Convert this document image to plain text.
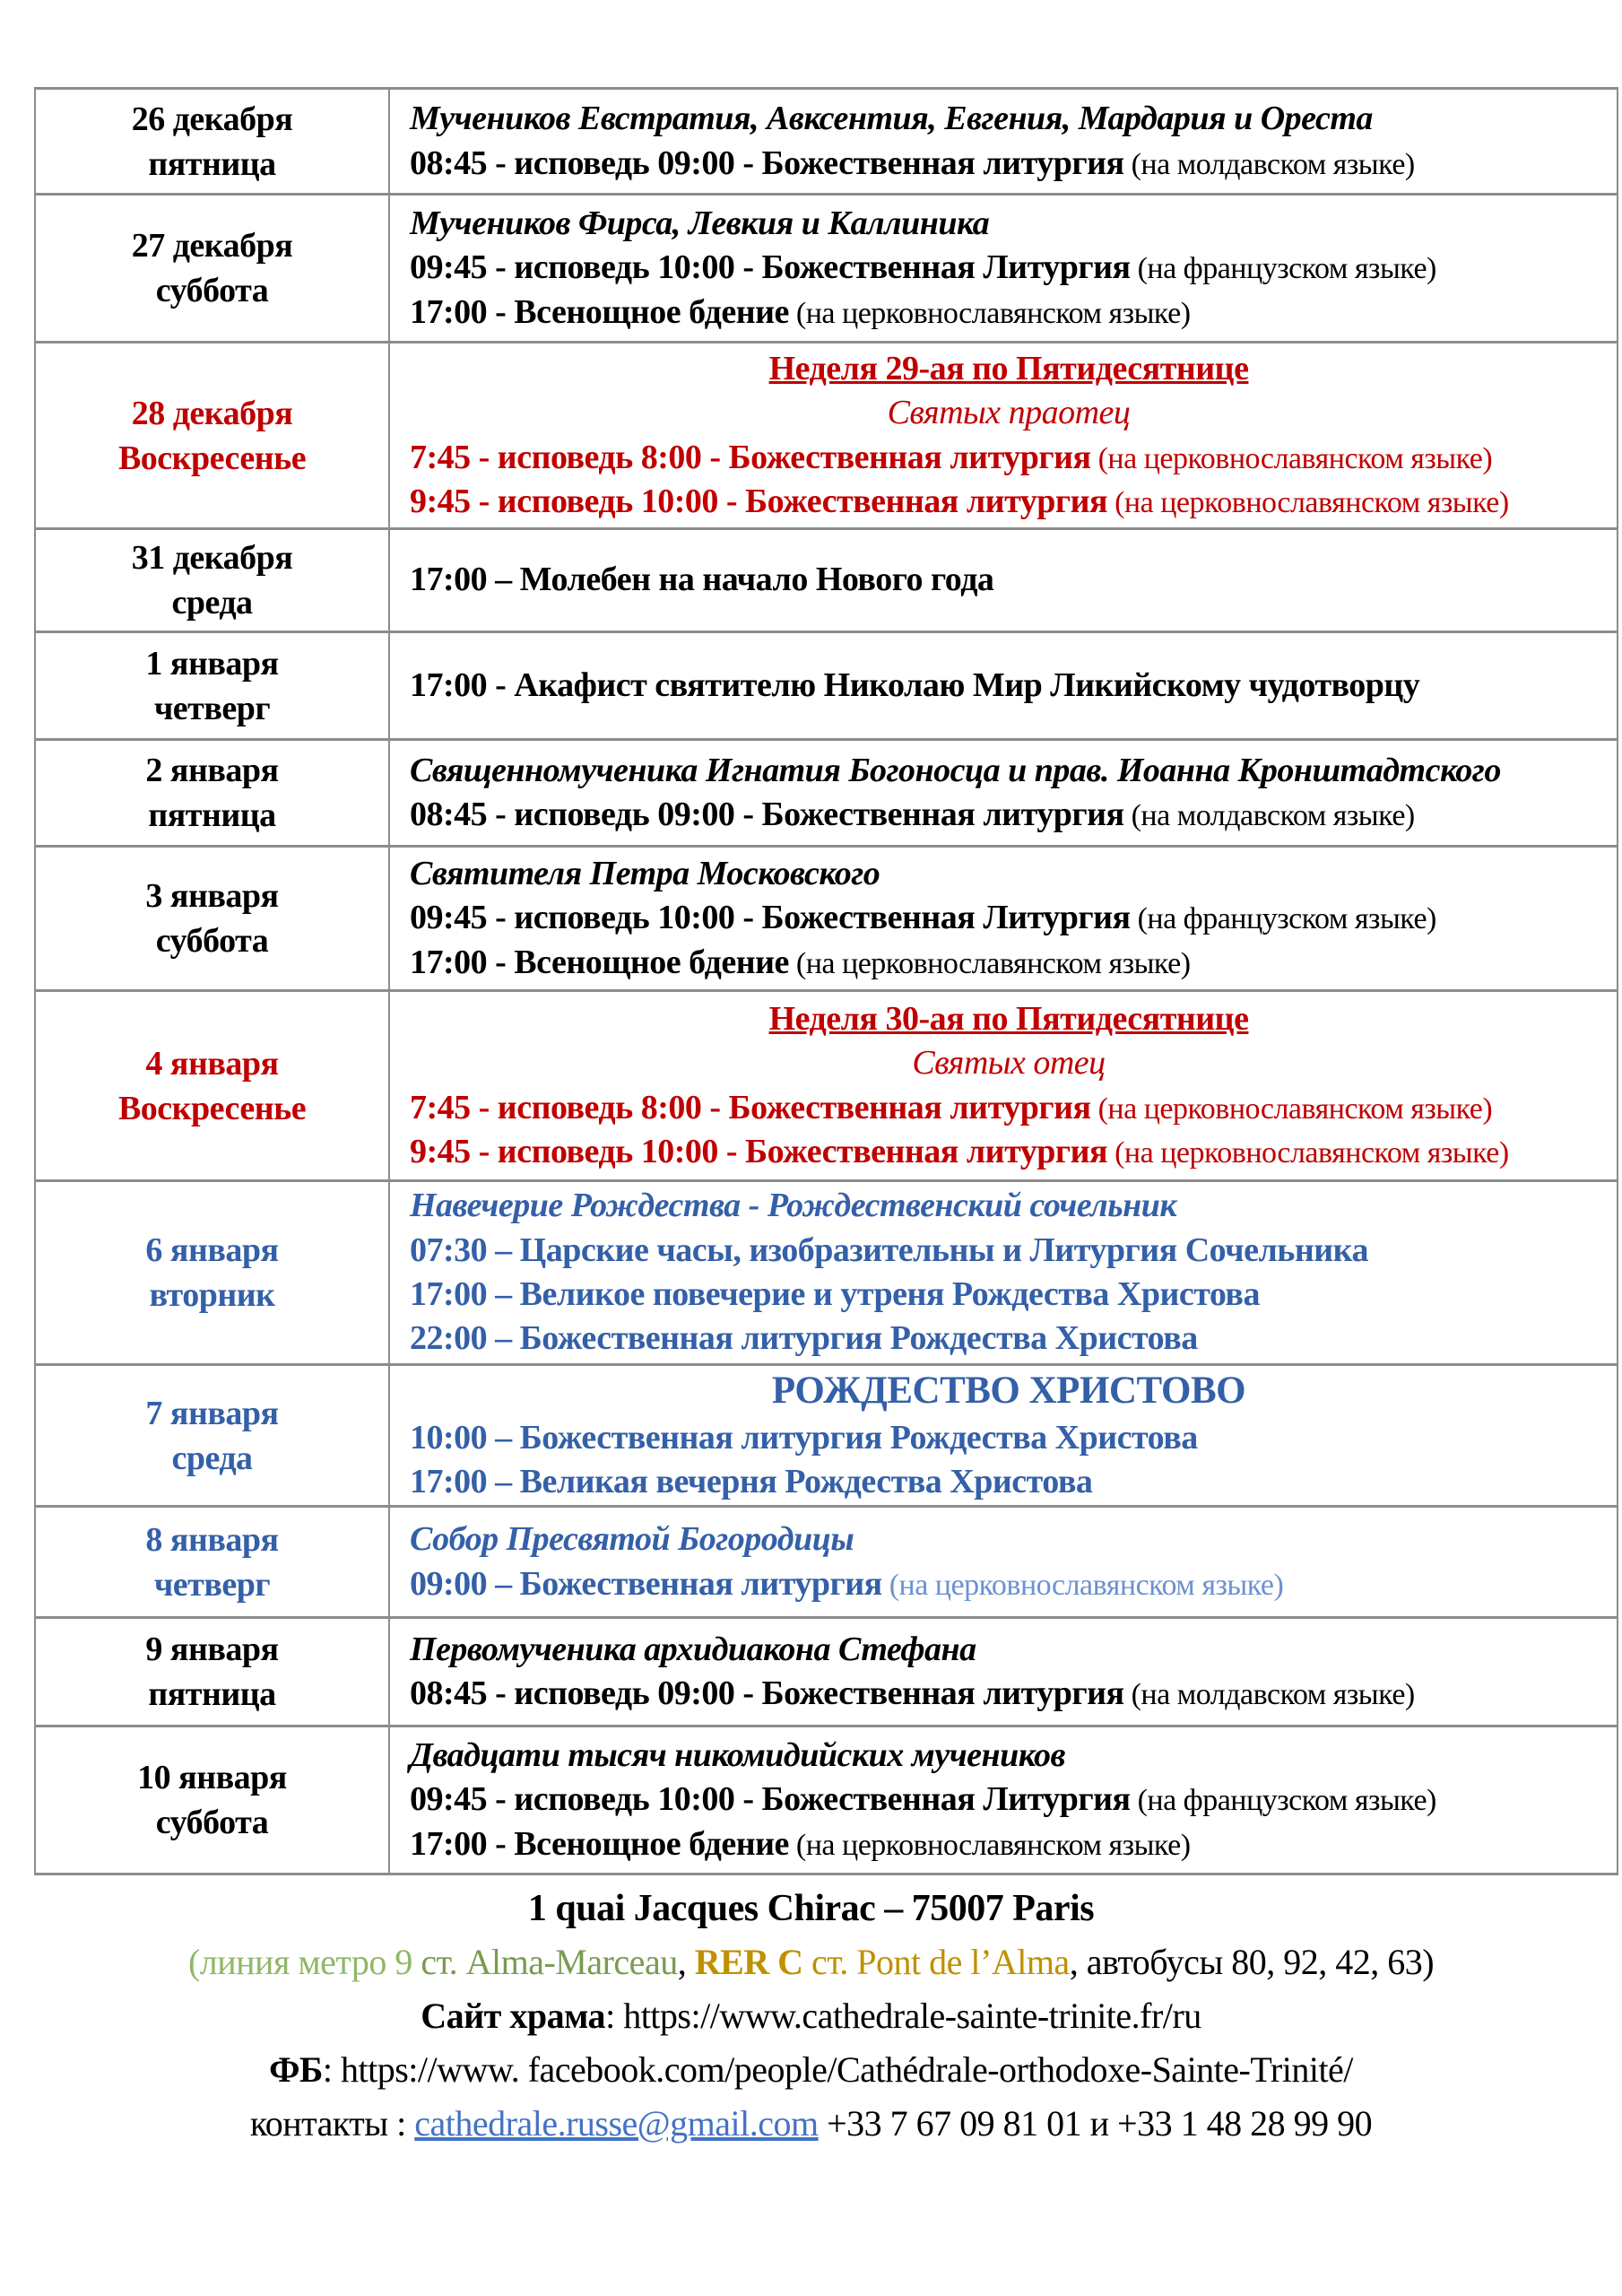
26 декабря
пятница
Мучеников Евстратия, Авксентия, Евгения, Мардария и Ореста
08:45 - исповедь 09:00 - Божественная литургия (на молдавском языке)
27 декабря
суббота
Мучеников Фирса, Левкия и Каллиника
09:45 - исповедь 10:00 - Божественная Литургия (на французском языке)
17:00 - Всенощное бдение (на церковнославянском языке)
28 декабря
Воскресенье
Неделя 29-ая по Пятидесятнице
Святых праотец
7:45 - исповедь 8:00 - Божественная литургия (на церковнославянском языке)
9:45 - исповедь 10:00 - Божественная литургия (на церковнославянском языке)
31 декабря
среда
17:00 – Молебен на начало Нового года
1 января
четверг
17:00 - Акафист святителю Николаю Мир Ликийскому чудотворцу
2 января
пятница
Священномученика Игнатия Богоносца и прав. Иоанна Кронштадтского
08:45 - исповедь 09:00 - Божественная литургия (на молдавском языке)
3 января
суббота
Святителя Петра Московского
09:45 - исповедь 10:00 - Божественная Литургия (на французском языке)
17:00 - Всенощное бдение (на церковнославянском языке)
4 января
Воскресенье
Неделя 30-ая по Пятидесятнице
Святых отец
7:45 - исповедь 8:00 - Божественная литургия (на церковнославянском языке)
9:45 - исповедь 10:00 - Божественная литургия (на церковнославянском языке)
6 января
вторник
Навечерие Рождества - Рождественский сочельник
07:30 – Царские часы, изобразительны и Литургия Сочельника
17:00 – Великое повечерие и утреня Рождества Христова
22:00 – Божественная литургия Рождества Христова
7 января
среда
РОЖДЕСТВО ХРИСТОВО
10:00 – Божественная литургия Рождества Христова
17:00 – Великая вечерня Рождества Христова
8 января
четверг
Собор Пресвятой Богородицы
09:00 – Божественная литургия (на церковнославянском языке)
9 января
пятница
Первомученика архидиакона Стефана
08:45 - исповедь 09:00 - Божественная литургия (на молдавском языке)
10 января
суббота
Двадцати тысяч никомидийских мучеников
09:45 - исповедь 10:00 - Божественная Литургия (на французском языке)
17:00 - Всенощное бдение (на церковнославянском языке)
1 quai Jacques Chirac – 75007 Paris
(линия метро 9 ст. Alma-Marceau, RER C ст. Pont de l’Alma, автобусы 80, 92, 42, 63)
Сайт храма: https://www.cathedrale-sainte-trinite.fr/ru
ФБ: https://www. facebook.com/people/Cathédrale-orthodoxe-Sainte-Trinité/
контакты : cathedrale.russe@gmail.com +33 7 67 09 81 01 и +33 1 48 28 99 90
